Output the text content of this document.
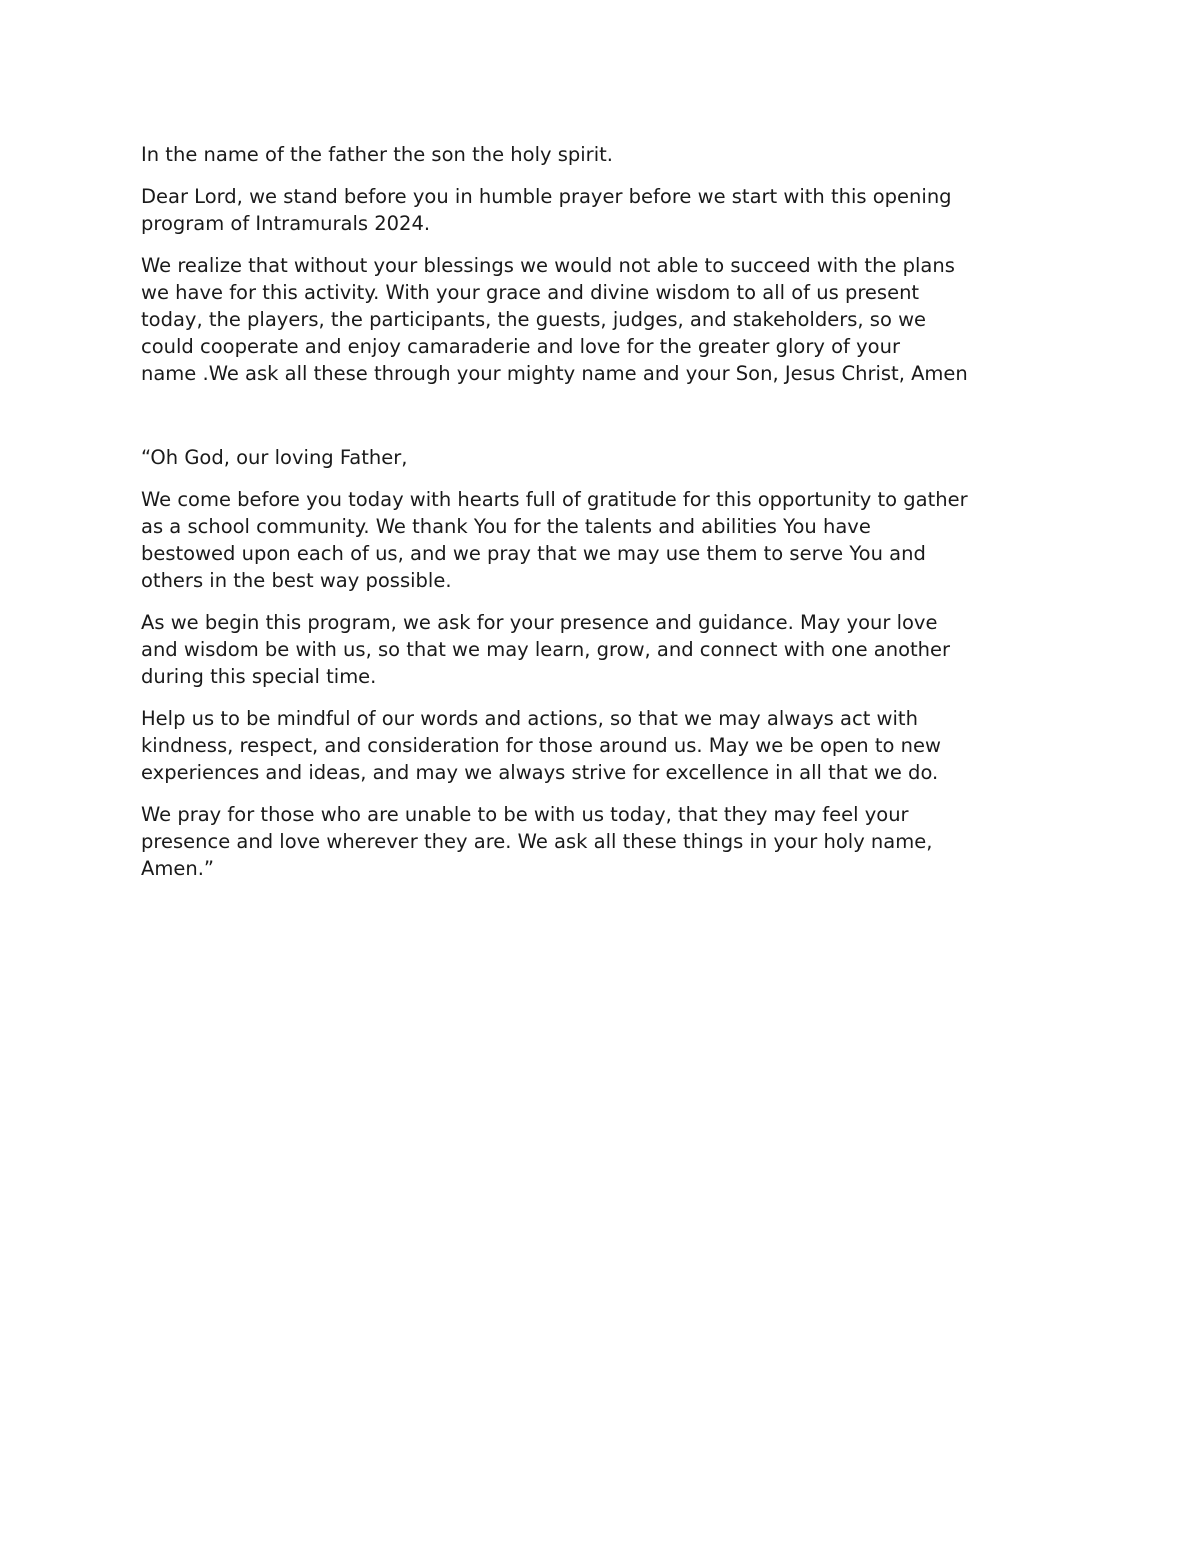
In the name of the father the son the holy spirit.

Dear Lord, we stand before you in humble prayer before we start with this opening
program of Intramurals 2024.

We realize that without your blessings we would not able to succeed with the plans
we have for this activity. With your grace and divine wisdom to all of us present
today, the players, the participants, the guests, judges, and stakeholders, so we
could cooperate and enjoy camaraderie and love for the greater glory of your
name .We ask all these through your mighty name and your Son, Jesus Christ, Amen

“Oh God, our loving Father,

We come before you today with hearts full of gratitude for this opportunity to gather
as a school community. We thank You for the talents and abilities You have
bestowed upon each of us, and we pray that we may use them to serve You and
others in the best way possible.

As we begin this program, we ask for your presence and guidance. May your love
and wisdom be with us, so that we may learn, grow, and connect with one another
during this special time.

Help us to be mindful of our words and actions, so that we may always act with
kindness, respect, and consideration for those around us. May we be open to new
experiences and ideas, and may we always strive for excellence in all that we do.

We pray for those who are unable to be with us today, that they may feel your
presence and love wherever they are. We ask all these things in your holy name,
Amen.”
